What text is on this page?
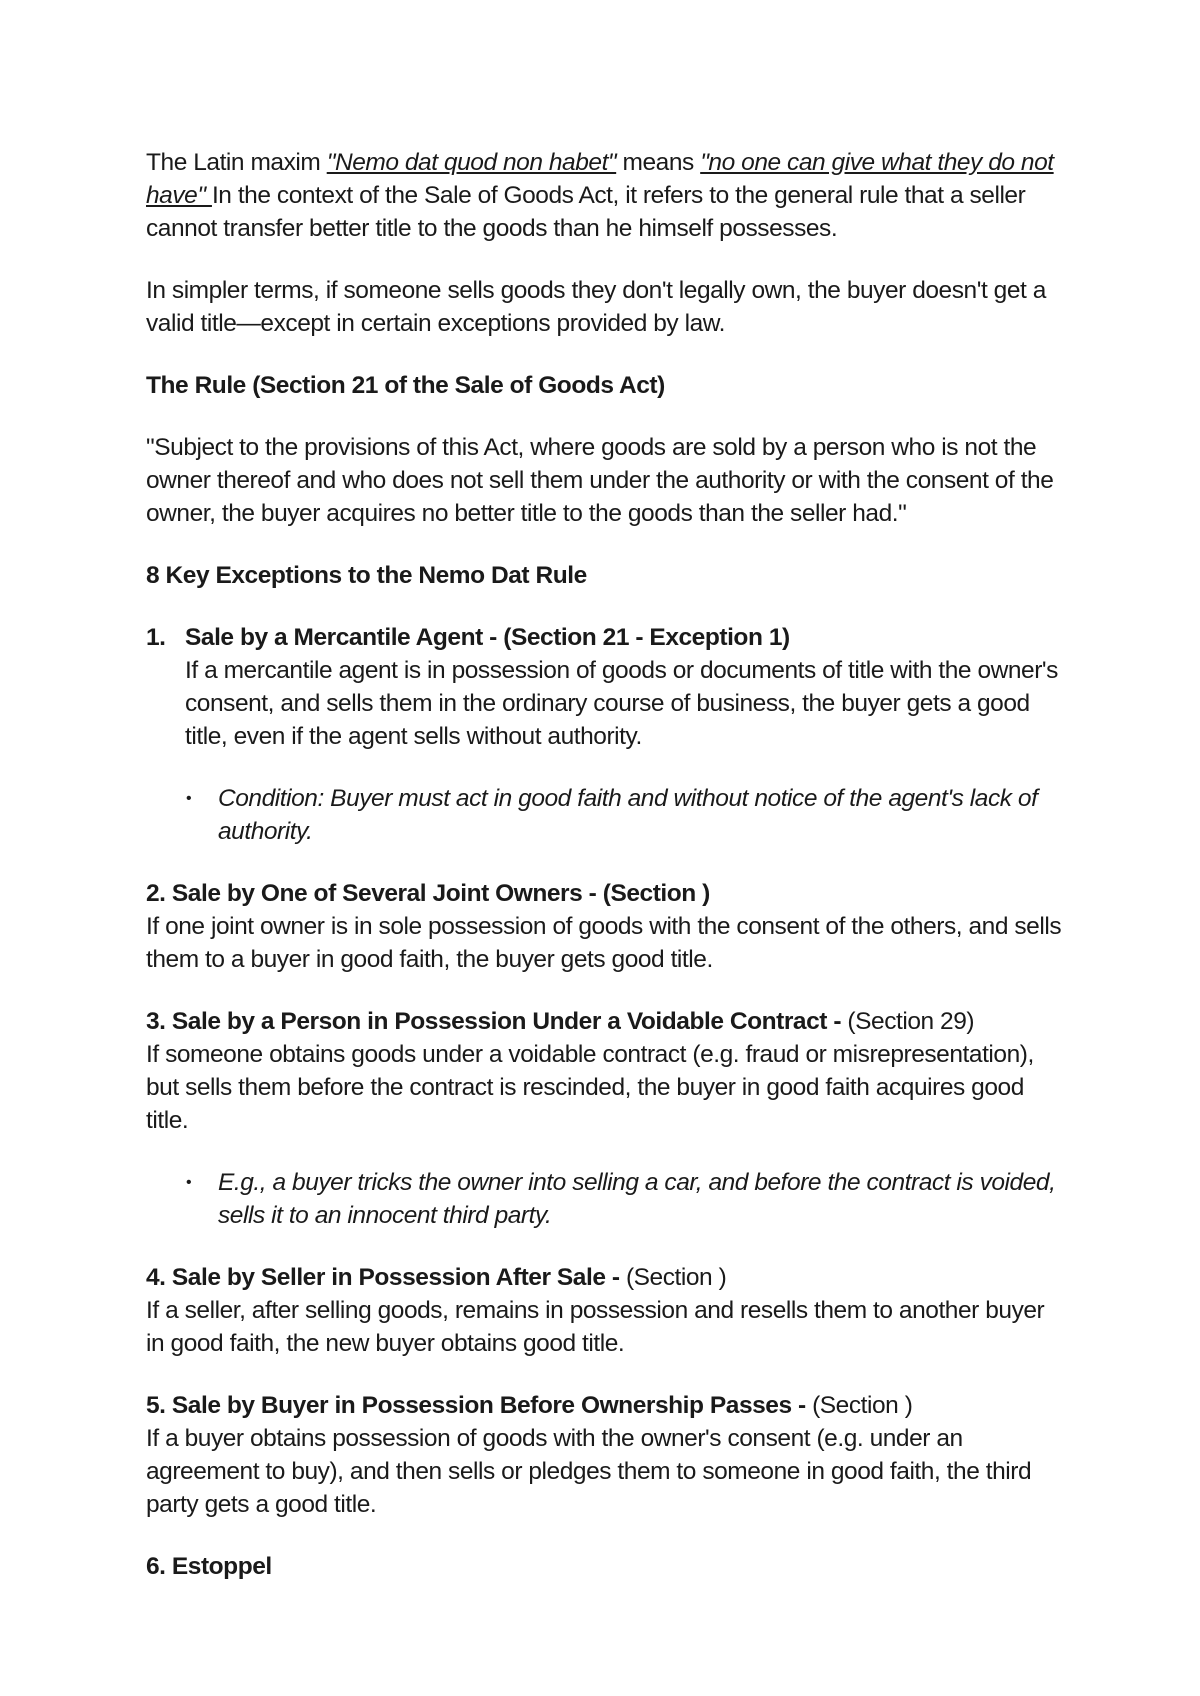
The Latin maxim "Nemo dat quod non habet" means "no one can give what they do not have" In the context of the Sale of Goods Act, it refers to the general rule that a seller cannot transfer better title to the goods than he himself possesses.

In simpler terms, if someone sells goods they don't legally own, the buyer doesn't get a valid title—except in certain exceptions provided by law.

The Rule (Section 21 of the Sale of Goods Act)

"Subject to the provisions of this Act, where goods are sold by a person who is not the owner thereof and who does not sell them under the authority or with the consent of the owner, the buyer acquires no better title to the goods than the seller had."

8 Key Exceptions to the Nemo Dat Rule

1. Sale by a Mercantile Agent - (Section 21 - Exception 1)

If a mercantile agent is in possession of goods or documents of title with the owner's consent, and sells them in the ordinary course of business, the buyer gets a good title, even if the agent sells without authority.

• Condition: Buyer must act in good faith and without notice of the agent's lack of authority.

2. Sale by One of Several Joint Owners - (Section )

If one joint owner is in sole possession of goods with the consent of the others, and sells them to a buyer in good faith, the buyer gets good title.

3. Sale by a Person in Possession Under a Voidable Contract - (Section 29)

If someone obtains goods under a voidable contract (e.g. fraud or misrepresentation), but sells them before the contract is rescinded, the buyer in good faith acquires good title.

• E.g., a buyer tricks the owner into selling a car, and before the contract is voided, sells it to an innocent third party.

4. Sale by Seller in Possession After Sale - (Section )

If a seller, after selling goods, remains in possession and resells them to another buyer in good faith, the new buyer obtains good title.

5. Sale by Buyer in Possession Before Ownership Passes - (Section )

If a buyer obtains possession of goods with the owner's consent (e.g. under an agreement to buy), and then sells or pledges them to someone in good faith, the third party gets a good title.

6. Estoppel
